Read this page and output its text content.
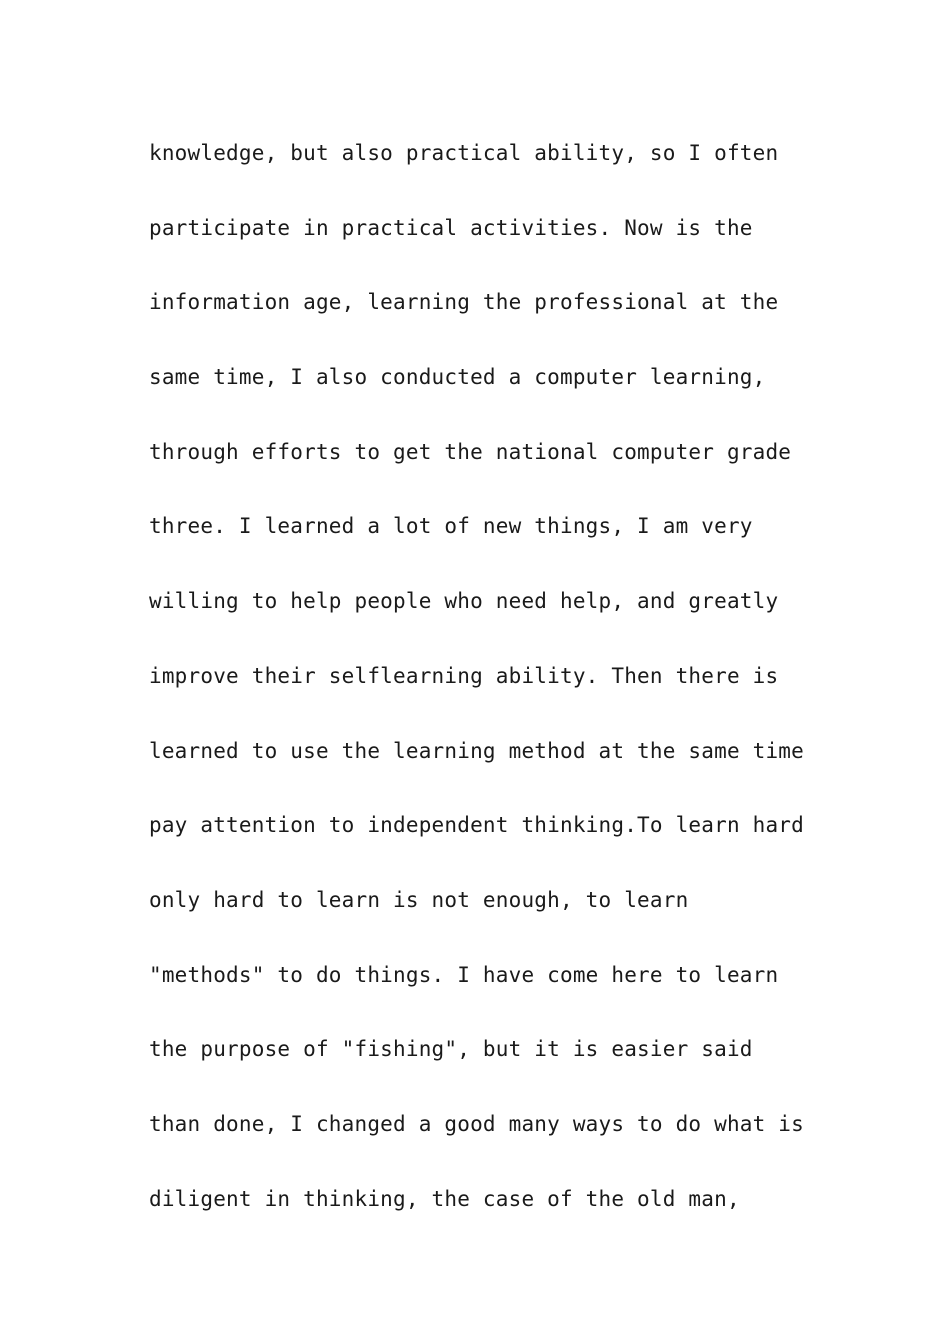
knowledge, but also practical ability, so I often
participate in practical activities. Now is the
information age, learning the professional at the
same time, I also conducted a computer learning,
through efforts to get the national computer grade
three. I learned a lot of new things, I am very
willing to help people who need help, and greatly
improve their selflearning ability. Then there is
learned to use the learning method at the same time
pay attention to independent thinking.To learn hard
only hard to learn is not enough, to learn
"methods" to do things. I have come here to learn
the purpose of "fishing", but it is easier said
than done, I changed a good many ways to do what is
diligent in thinking, the case of the old man,
